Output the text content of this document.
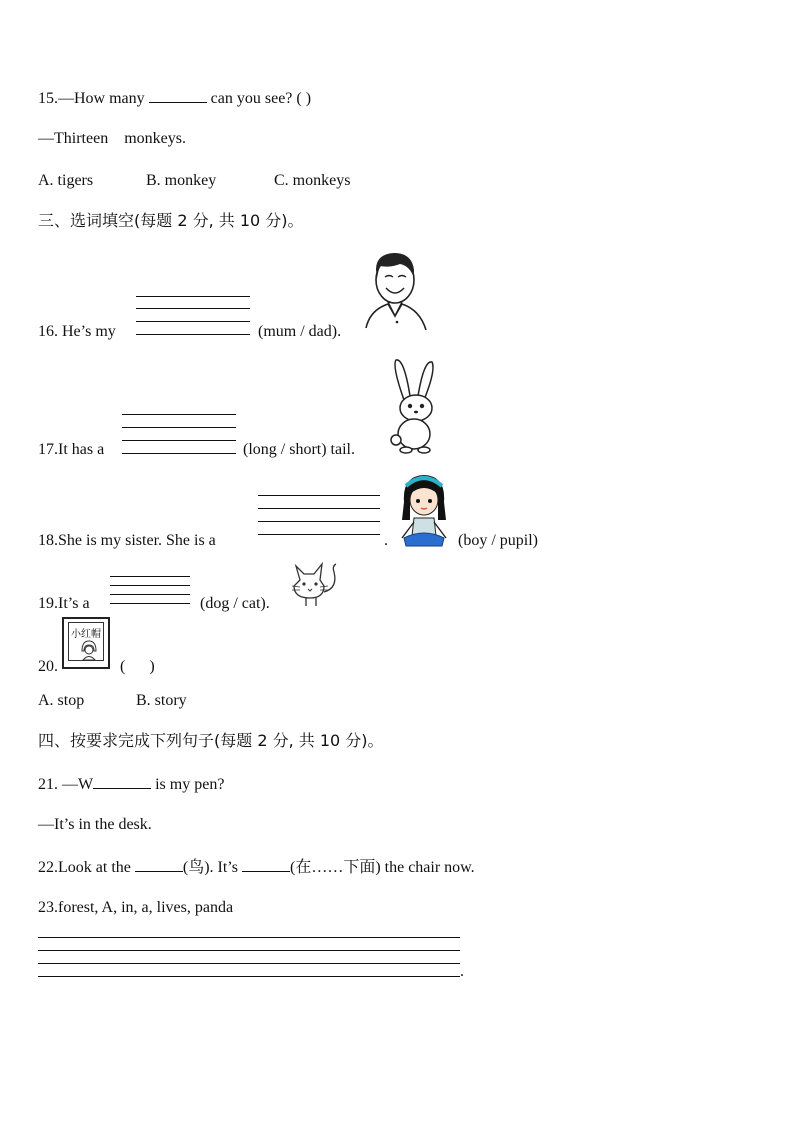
15.—How many	can you see? ( )
—Thirteen    monkeys.
A. tigers	B. monkey	C. monkeys
三、选词填空(每题 2 分, 共 10 分)。
16. He’s my	(mum / dad).
17.It has a	(long / short) tail.
18.She is my sister. She is a	.	(boy / pupil)
19.It’s a	(dog / cat).
20.
小红帽
(      )
A. stop	B. story
四、按要求完成下列句子(每题 2 分, 共 10 分)。
21. —W	is my pen?
—It’s in the desk.
22.Look at the	(鸟). It’s	(在……下面) the chair now.
23.forest, A, in, a, lives, panda
.
